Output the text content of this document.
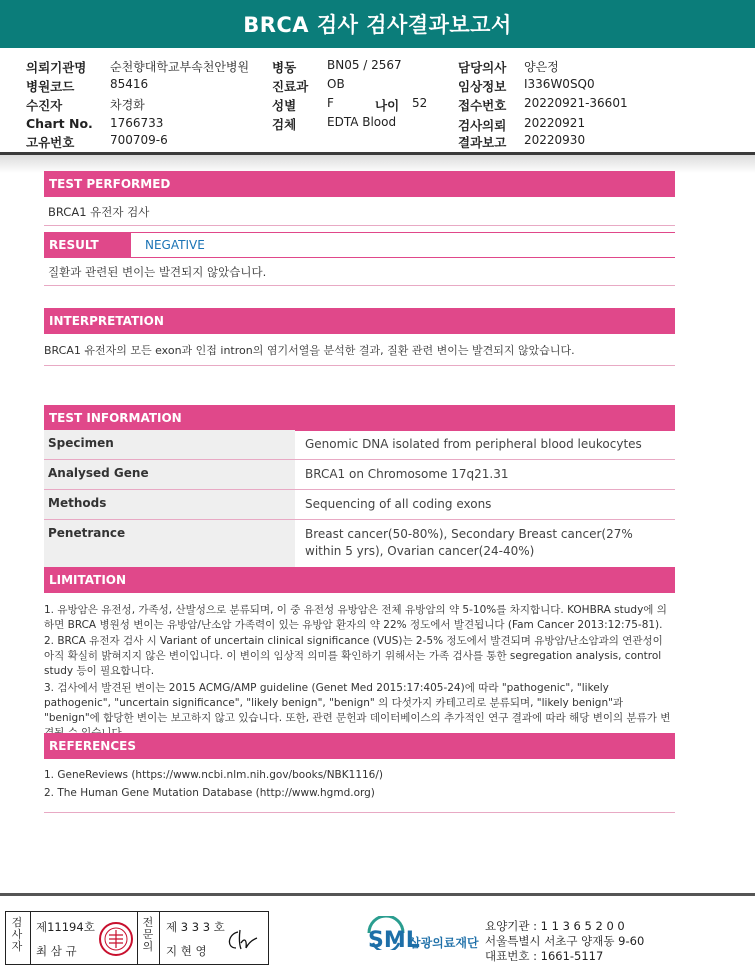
BRCA 검사 검사결과보고서
의뢰기관명 순천향대학교부속천안병원
병원코드	85416
수진자	차경화
Chart No. 1766733
고유번호	700709-6
병동	BN05 / 2567
진료과 OB
성별	F	나이 52
검체	EDTA Blood
담당의사 양은정
임상정보 I336W0SQ0
접수번호 20220921-36601
검사의뢰 20220921
결과보고 20220930
TEST PERFORMED
BRCA1 유전자 검사
RESULT	NEGATIVE
질환과 관련된 변이는 발견되지 않았습니다.
INTERPRETATION
BRCA1 유전자의 모든 exon과 인접 intron의 염기서열을 분석한 결과, 질환 관련 변이는 발견되지 않았습니다.
TEST INFORMATION
Specimen	Genomic DNA isolated from peripheral blood leukocytes
Analysed Gene	BRCA1 on Chromosome 17q21.31
Methods	Sequencing of all coding exons
Penetrance	Breast cancer(50-80%), Secondary Breast cancer(27% within 5 yrs), Ovarian cancer(24-40%)
LIMITATION
1. 유방암은 유전성, 가족성, 산발성으로 분류되며, 이 중 유전성 유방암은 전체 유방암의 약 5-10%를 차지합니다. KOHBRA study에 의하면 BRCA 병원성 변이는 유방암/난소암 가족력이 있는 유방암 환자의 약 22% 정도에서 발견됩니다 (Fam Cancer 2013:12:75-81).
2. BRCA 유전자 검사 시 Variant of uncertain clinical significance (VUS)는 2-5% 정도에서 발견되며 유방암/난소암과의 연관성이 아직 확실히 밝혀지지 않은 변이입니다. 이 변이의 임상적 의미를 확인하기 위해서는 가족 검사를 통한 segregation analysis, control study 등이 필요합니다.
3. 검사에서 발견된 변이는 2015 ACMG/AMP guideline (Genet Med 2015:17:405-24)에 따라 "pathogenic", "likely pathogenic", "uncertain significance", "likely benign", "benign" 의 다섯가지 카테고리로 분류되며, "likely benign"과 "benign"에 합당한 변이는 보고하지 않고 있습니다. 또한, 관련 문헌과 데이터베이스의 추가적인 연구 결과에 따라 해당 변이의 분류가 변
REFERENCES
1. GeneReviews (https://www.ncbi.nlm.nih.gov/books/NBK1116/)
2. The Human Gene Mutation Database (http://www.hgmd.org)
검사자
제11194호
최 삼 규
전문의
제 3 3 3 호
지 현 영	SML
삼광의료재단
요양기관 : 1 1 3 6 5 2 0 0
서울특별시 서초구 양재동 9-60
대표번호 : 1661-5117
